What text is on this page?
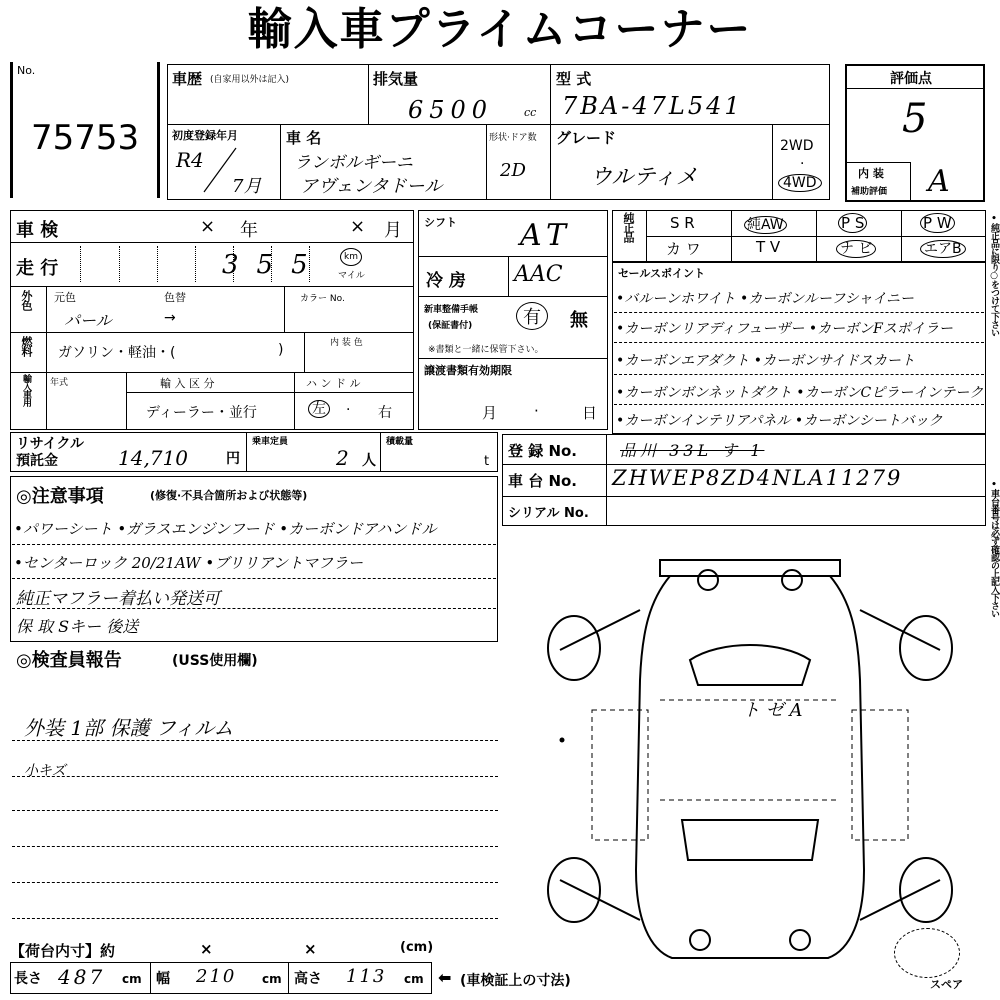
輸入車プライムコーナー
No.
75753
車歴 (自家用以外は記入)	排気量
6500	cc
型 式
7BA-47L541
初度登録年月
R4
7月
車 名
ランボルギーニ
アヴェンタドール
形状·ドア数
2D
グレード
ウルティメ
2WD
·
4WD
評価点
5
内 装
補助評価 A
車 検	× 年	× 月
走 行	355	km
マイル
外色 元色	色替	カラー No.
パール	→
燃料 ガソリン・軽油・(	)	内 装 色
輸入車用 年式	輸 入 区 分
ディーラー・並行
ハ ン ド ル
左 · 右
シフト AT
冷 房 AAC
新車整備手帳
(保証書付)	有	無
※書類と一緒に保管下さい。
譲渡書類有効期限
月 ·	日
純正品 S R	純AW	P S	P W
カ ワ	T V	ナ ビ	エアB	•純正品に限り○をつけて下さい
•車台番号は必ず確認の上記入下さい
セールスポイント
•バルーンホワイト •カーボンルーフシャイニー
•カーボンリアディフューザー •カーボンFスポイラー
•カーボンエアダクト •カーボンサイドスカート
•カーボンボンネットダクト •カーボンCピラーインテーク
•カーボンインテリアパネル •カーボンシートバック
リサイクル
預託金	14,710	円
乗車定員
2 人
積載量
t
登 録 No.	品川 33L す 1
車 台 No. ZHWEP8ZD4NLA11279
シリアル No.
◎注意事項	(修復·不具合箇所および状態等)
•パワーシート •ガラスエンジンフード •カーボンドアハンドル
•センターロック 20/21AW •ブリリアントマフラー
純正マフラー着払い発送可
保 取 Sキー 後送
◎検査員報告	(USS使用欄)
外装 1部 保護 フィルム
小キズ
ト ゼ A
スペア
【荷台内寸】約	×	×	(cm)
長さ 487 cm 幅 210 cm 高さ 113 cm ⬅ (車検証上の寸法)
